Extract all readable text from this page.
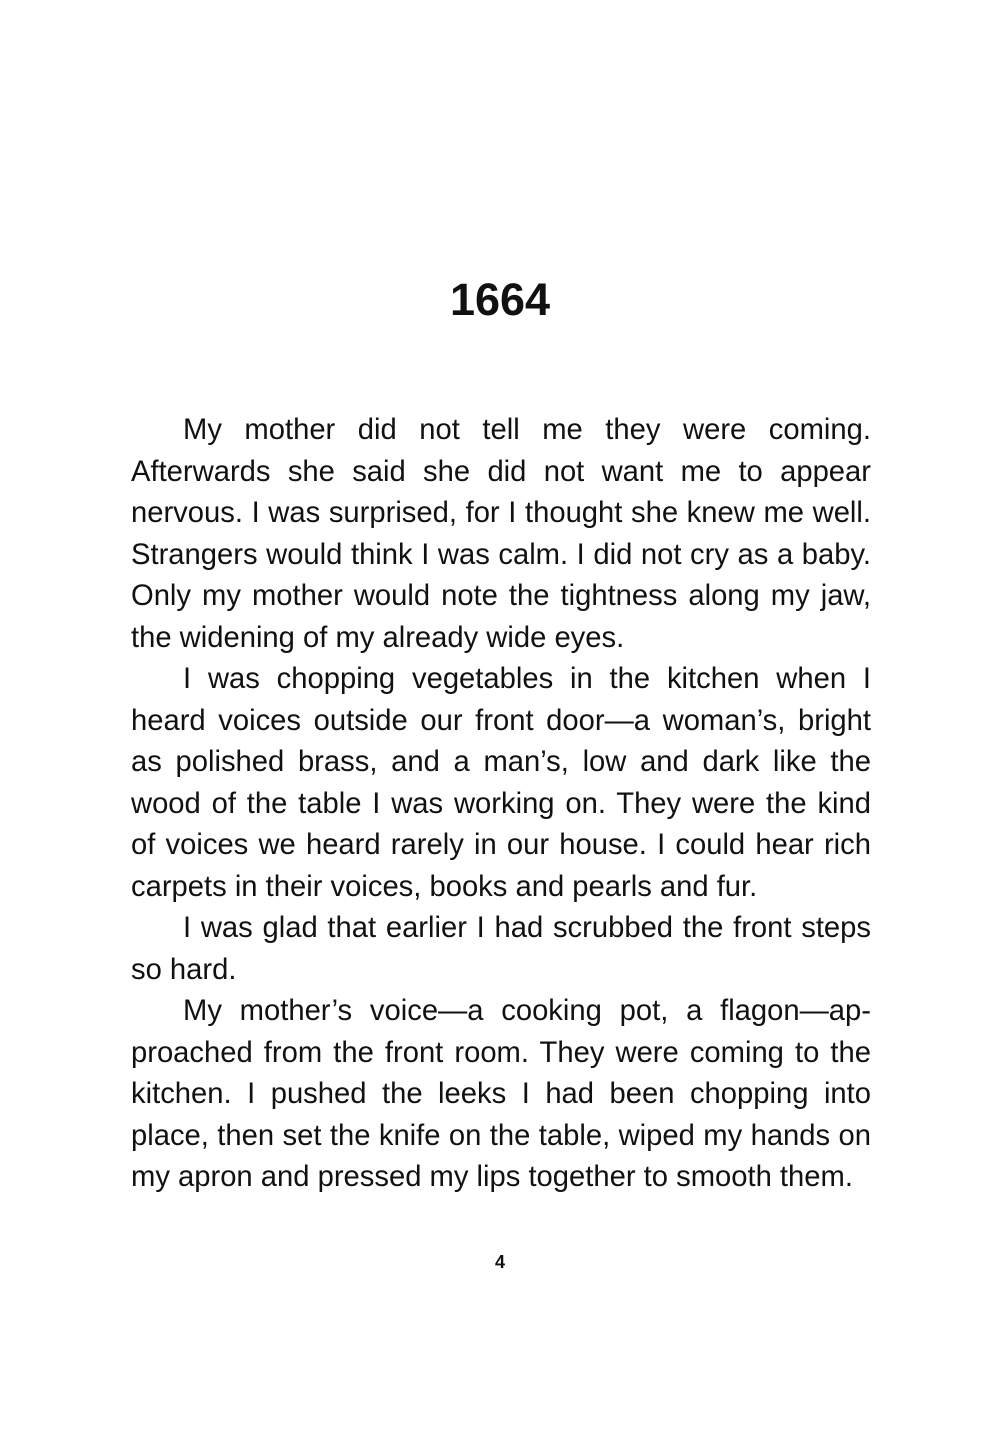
1664

My mother did not tell me they were coming. Afterwards she said she did not want me to appear nervous. I was surprised, for I thought she knew me well. Strangers would think I was calm. I did not cry as a baby. Only my mother would note the tightness along my jaw, the widening of my already wide eyes.

I was chopping vegetables in the kitchen when I heard voices outside our front door—a woman’s, bright as polished brass, and a man’s, low and dark like the wood of the table I was working on. They were the kind of voices we heard rarely in our house. I could hear rich carpets in their voices, books and pearls and fur.

I was glad that earlier I had scrubbed the front steps so hard.

My mother’s voice—a cooking pot, a flagon—approached from the front room. They were coming to the kitchen. I pushed the leeks I had been chopping into place, then set the knife on the table, wiped my hands on my apron and pressed my lips together to smooth them.

4
